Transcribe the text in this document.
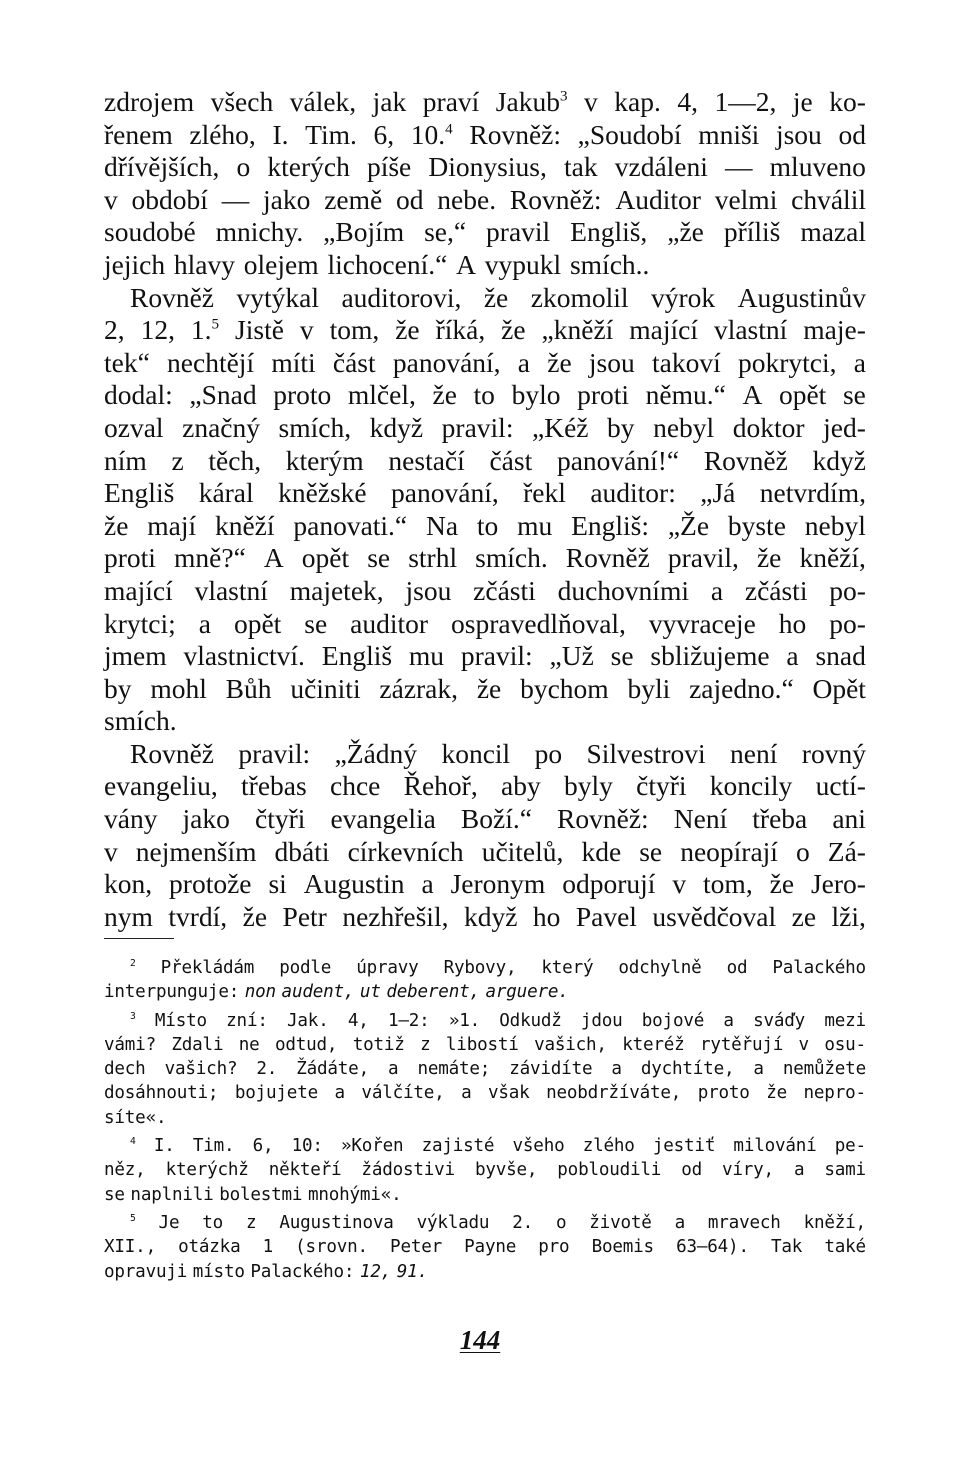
zdrojem všech válek, jak praví Jakub$^3$ v kap. 4, 1—2, je ko-
řenem zlého, I. Tim. 6, 10.$^4$ Rovněž: „Soudobí mniši jsou od
dřívějších, o kterých píše Dionysius, tak vzdáleni — mluveno
v období — jako země od nebe. Rovněž: Auditor velmi chválil
soudobé mnichy. „Bojím se,“ pravil Engliš, „že příliš mazal
jejich hlavy olejem lichocení.“ A vypukl smích..
Rovněž vytýkal auditorovi, že zkomolil výrok Augustinův
2, 12, 1.$^5$ Jistě v tom, že říká, že „kněží mající vlastní maje-
tek“ nechtějí míti část panování, a že jsou takoví pokrytci, a
dodal: „Snad proto mlčel, že to bylo proti němu.“ A opět se
ozval značný smích, když pravil: „Kéž by nebyl doktor jed-
ním z těch, kterým nestačí část panování!“ Rovněž když
Engliš káral kněžské panování, řekl auditor: „Já netvrdím,
že mají kněží panovati.“ Na to mu Engliš: „Že byste nebyl
proti mně?“ A opět se strhl smích. Rovněž pravil, že kněží,
mající vlastní majetek, jsou zčásti duchovními a zčásti po-
krytci; a opět se auditor ospravedlňoval, vyvraceje ho po-
jmem vlastnictví. Engliš mu pravil: „Už se sbližujeme a snad
by mohl Bůh učiniti zázrak, že bychom byli zajedno.“ Opět
smích.
Rovněž pravil: „Žádný koncil po Silvestrovi není rovný
evangeliu, třebas chce Řehoř, aby byly čtyři koncily uctí-
vány jako čtyři evangelia Boží.“ Rovněž: Není třeba ani
v nejmenším dbáti církevních učitelů, kde se neopírají o Zá-
kon, protože si Augustin a Jeronym odporují v tom, že Jero-
nym tvrdí, že Petr nezhřešil, když ho Pavel usvědčoval ze lži,
$^2$ Překládám podle úpravy Rybovy, který odchylně od Palackého
interpunguje: non audent, ut deberent, arguere.
$^3$ Místo zní: Jak. 4, 1—2: »1. Odkudž jdou bojové a sváďy mezi
vámi? Zdali ne odtud, totiž z libostí vašich, kteréž rytěřují v osu-
dech vašich? 2. Žádáte, a nemáte; závidíte a dychtíte, a nemůžete
dosáhnouti; bojujete a válčíte, a však neobdržíváte, proto že nepro-
síte«.
$^4$ I. Tim. 6, 10: »Kořen zajisté všeho zlého jestiť milování pe-
něz, kterýchž někteří žádostivi byvše, pobloudili od víry, a sami
se naplnili bolestmi mnohými«.
$^5$ Je to z Augustinova výkladu 2. o životě a mravech kněží,
XII., otázka 1 (srovn. Peter Payne pro Boemis 63—64). Tak také
opravuji místo Palackého: 12, 91.
144
